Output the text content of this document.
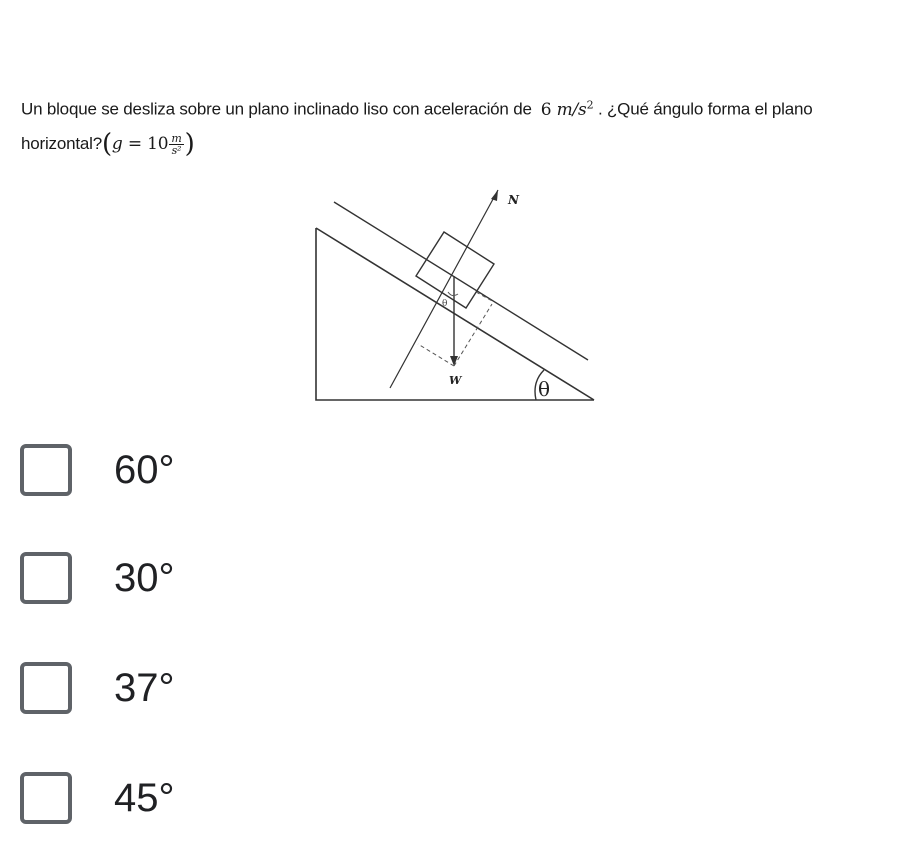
Un bloque se desliza sobre un plano inclinado liso con aceleración de 6 $m/s^2$ . ¿Qué ángulo forma el plano horizontal?(g = $10 \frac{m}{\text{s²}}$ )
N
W
θ
θ
60°
30°
37°
45°
